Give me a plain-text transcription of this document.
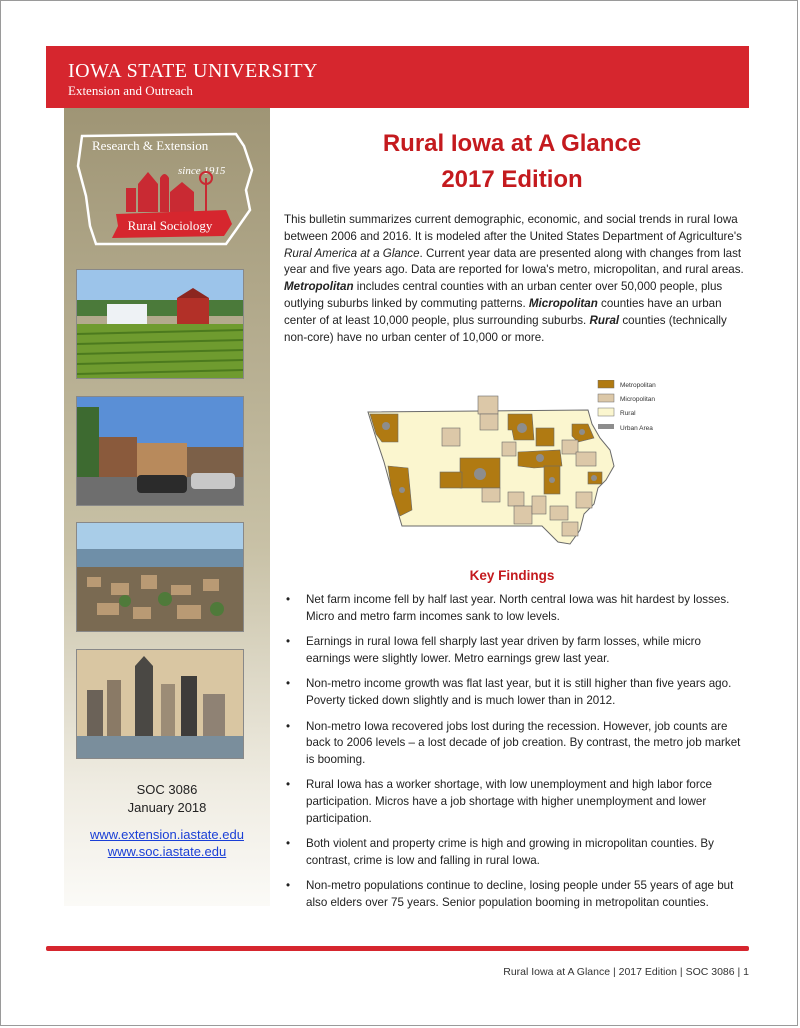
IOWA STATE UNIVERSITY
Extension and Outreach
Research & Extension
since 1915
Rural Sociology
SOC 3086
January 2018
www.extension.iastate.edu
www.soc.iastate.edu
Rural Iowa at A Glance
2017 Edition

This bulletin summarizes current demographic, economic, and social trends in rural Iowa between 2006 and 2016. It is modeled after the United States Department of Agriculture's Rural America at a Glance. Current year data are presented along with changes from last year and five years ago. Data are reported for Iowa's metro, micropolitan, and rural areas. Metropolitan includes central counties with an urban center over 50,000 people, plus outlying suburbs linked by commuting patterns. Micropolitan counties have an urban center of at least 10,000 people, plus surrounding suburbs. Rural counties (technically non-core) have no urban center of 10,000 or more.

Metropolitan
Micropolitan
Rural
Urban Area
Key Findings
• Net farm income fell by half last year. North central Iowa was hit hardest by losses. Micro and metro farm incomes sank to low levels.
• Earnings in rural Iowa fell sharply last year driven by farm losses, while micro earnings were slightly lower. Metro earnings grew last year.
• Non-metro income growth was flat last year, but it is still higher than five years ago. Poverty ticked down slightly and is much lower than in 2012.
• Non-metro Iowa recovered jobs lost during the recession. However, job counts are back to 2006 levels – a lost decade of job creation. By contrast, the metro job market is booming.
• Rural Iowa has a worker shortage, with low unemployment and high labor force participation. Micros have a job shortage with higher unemployment and lower participation.
• Both violent and property crime is high and growing in micropolitan counties. By contrast, crime is low and falling in rural Iowa.
• Non-metro populations continue to decline, losing people under 55 years of age but also elders over 75 years. Senior population booming in metropolitan counties.
Rural Iowa at A Glance | 2017 Edition | SOC 3086 | 1
